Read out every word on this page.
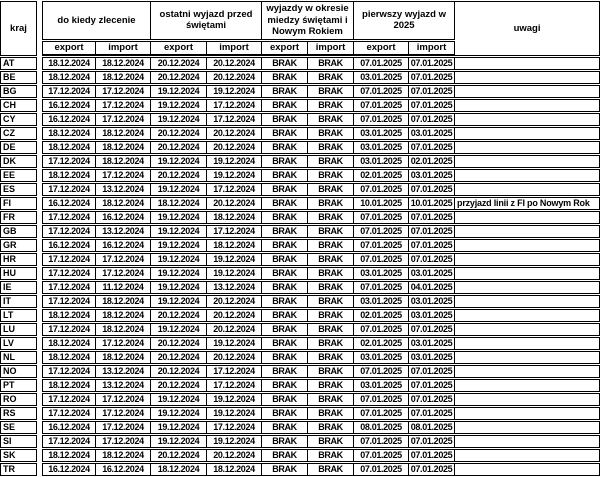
kraj		do kiedy zlecenie		ostatni wyjazd przed świętami		wyjazdy w okresie miedzy świętami i Nowym Rokiem		pierwszy wyjazd w 2025		uwagi
		export	import	export	import	export	import	export	import	
AT		18.12.2024	18.12.2024	20.12.2024	20.12.2024	BRAK	BRAK	07.01.2025	07.01.2025	
BE		18.12.2024	18.12.2024	20.12.2024	20.12.2024	BRAK	BRAK	03.01.2025	07.01.2025	
BG		17.12.2024	17.12.2024	19.12.2024	19.12.2024	BRAK	BRAK	07.01.2025	07.01.2025	
CH		16.12.2024	17.12.2024	19.12.2024	17.12.2024	BRAK	BRAK	07.01.2025	07.01.2025	
CY		16.12.2024	17.12.2024	19.12.2024	17.12.2024	BRAK	BRAK	07.01.2025	07.01.2025	
CZ		18.12.2024	18.12.2024	20.12.2024	20.12.2024	BRAK	BRAK	03.01.2025	03.01.2025	
DE		18.12.2024	18.12.2024	20.12.2024	20.12.2024	BRAK	BRAK	03.01.2025	07.01.2025	
DK		17.12.2024	18.12.2024	19.12.2024	19.12.2024	BRAK	BRAK	03.01.2025	02.01.2025	
EE		18.12.2024	17.12.2024	20.12.2024	19.12.2024	BRAK	BRAK	02.01.2025	03.01.2025	
ES		17.12.2024	13.12.2024	19.12.2024	17.12.2024	BRAK	BRAK	07.01.2025	07.01.2025	
FI		16.12.2024	18.12.2024	18.12.2024	20.12.2024	BRAK	BRAK	10.01.2025	10.01.2025	przyjazd linii z FI po Nowym Rok
FR		17.12.2024	16.12.2024	19.12.2024	18.12.2024	BRAK	BRAK	07.01.2025	07.01.2025	
GB		17.12.2024	13.12.2024	19.12.2024	17.12.2024	BRAK	BRAK	07.01.2025	07.01.2025	
GR		16.12.2024	16.12.2024	19.12.2024	18.12.2024	BRAK	BRAK	07.01.2025	07.01.2025	
HR		17.12.2024	17.12.2024	19.12.2024	19.12.2024	BRAK	BRAK	07.01.2025	07.01.2025	
HU		17.12.2024	17.12.2024	19.12.2024	19.12.2024	BRAK	BRAK	03.01.2025	03.01.2025	
IE		17.12.2024	11.12.2024	19.12.2024	13.12.2024	BRAK	BRAK	07.01.2025	04.01.2025	
IT		17.12.2024	18.12.2024	19.12.2024	20.12.2024	BRAK	BRAK	03.01.2025	03.01.2025	
LT		18.12.2024	18.12.2024	20.12.2024	20.12.2024	BRAK	BRAK	02.01.2025	03.01.2025	
LU		17.12.2024	18.12.2024	19.12.2024	20.12.2024	BRAK	BRAK	07.01.2025	07.01.2025	
LV		18.12.2024	17.12.2024	20.12.2024	19.12.2024	BRAK	BRAK	02.01.2025	03.01.2025	
NL		18.12.2024	18.12.2024	20.12.2024	20.12.2024	BRAK	BRAK	03.01.2025	03.01.2025	
NO		17.12.2024	13.12.2024	20.12.2024	17.12.2024	BRAK	BRAK	07.01.2025	07.01.2025	
PT		18.12.2024	13.12.2024	20.12.2024	17.12.2024	BRAK	BRAK	03.01.2025	07.01.2025	
RO		17.12.2024	17.12.2024	19.12.2024	19.12.2024	BRAK	BRAK	07.01.2025	07.01.2025	
RS		17.12.2024	17.12.2024	19.12.2024	19.12.2024	BRAK	BRAK	07.01.2025	07.01.2025	
SE		16.12.2024	17.12.2024	19.12.2024	17.12.2024	BRAK	BRAK	08.01.2025	08.01.2025	
SI		17.12.2024	17.12.2024	19.12.2024	19.12.2024	BRAK	BRAK	07.01.2025	07.01.2025	
SK		18.12.2024	18.12.2024	20.12.2024	20.12.2024	BRAK	BRAK	07.01.2025	07.01.2025	
TR		16.12.2024	16.12.2024	18.12.2024	18.12.2024	BRAK	BRAK	07.01.2025	07.01.2025	
